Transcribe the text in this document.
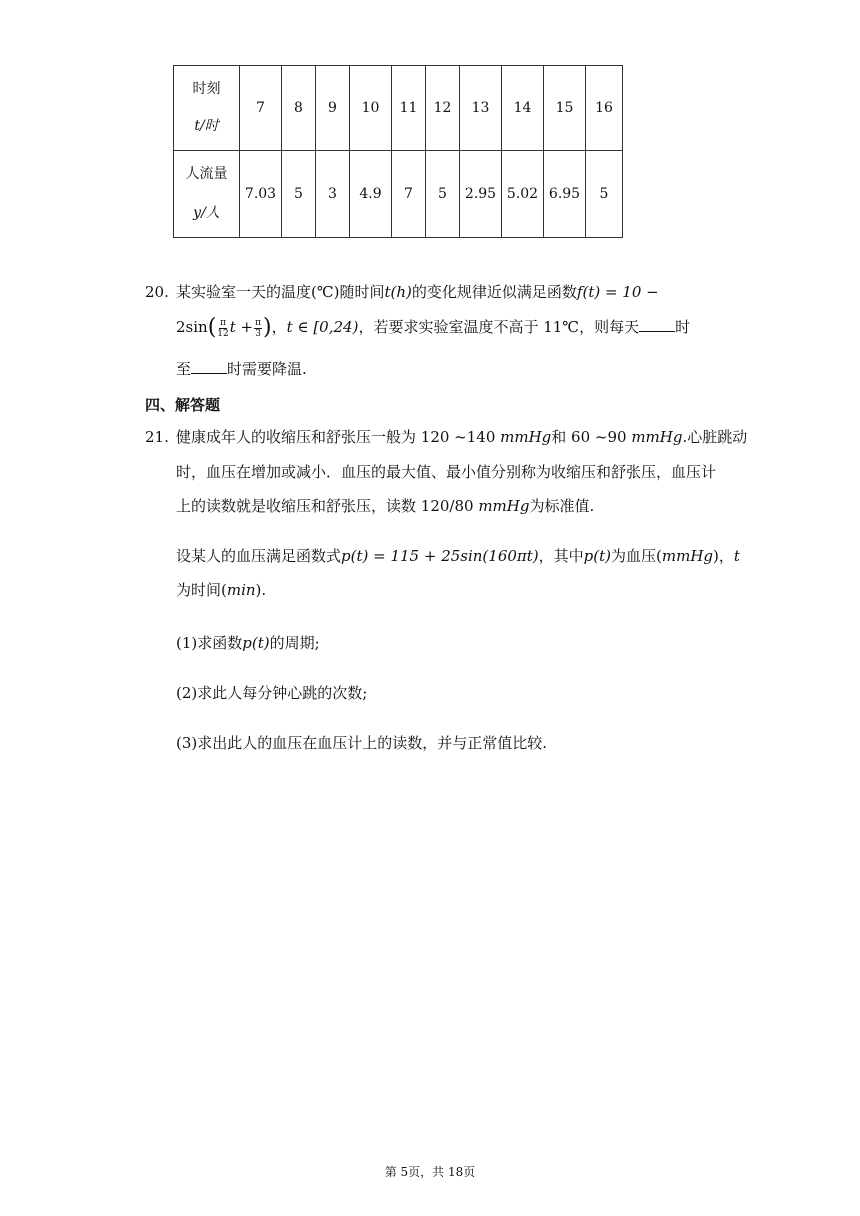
时刻
t/时	7	8	9	10	11	12	13	14	15	16

人流量
y/人	7.03	5	3	4.9	7	5	2.95	5.02	6.95	5
20. 某实验室一天的温度(℃)随时间t(h)的变化规律近似满足函数f(t) = 10 −
$2\sin( \frac{\pi}{12}$ $t + \frac{\pi}{3}$ )，t ∈ [0,24)，若要求实验室温度不高于 11℃，则每天 时
至 时需要降温.
四、解答题
21. 健康成年人的收缩压和舒张压一般为 120 ~140 mmHg和 60 ~90 mmHg.心脏跳动
时，血压在增加或减小．血压的最大值、最小值分别称为收缩压和舒张压，血压计
上的读数就是收缩压和舒张压，读数 120/80 mmHg为标准值.
设某人的血压满足函数式p(t) = 115 + 25sin(160πt)，其中p(t)为血压(mmHg)，t
为时间(min).
(1)求函数p(t)的周期;
(2)求此人每分钟心跳的次数;
(3)求出此人的血压在血压计上的读数，并与正常值比较.
第 5页，共 18页
